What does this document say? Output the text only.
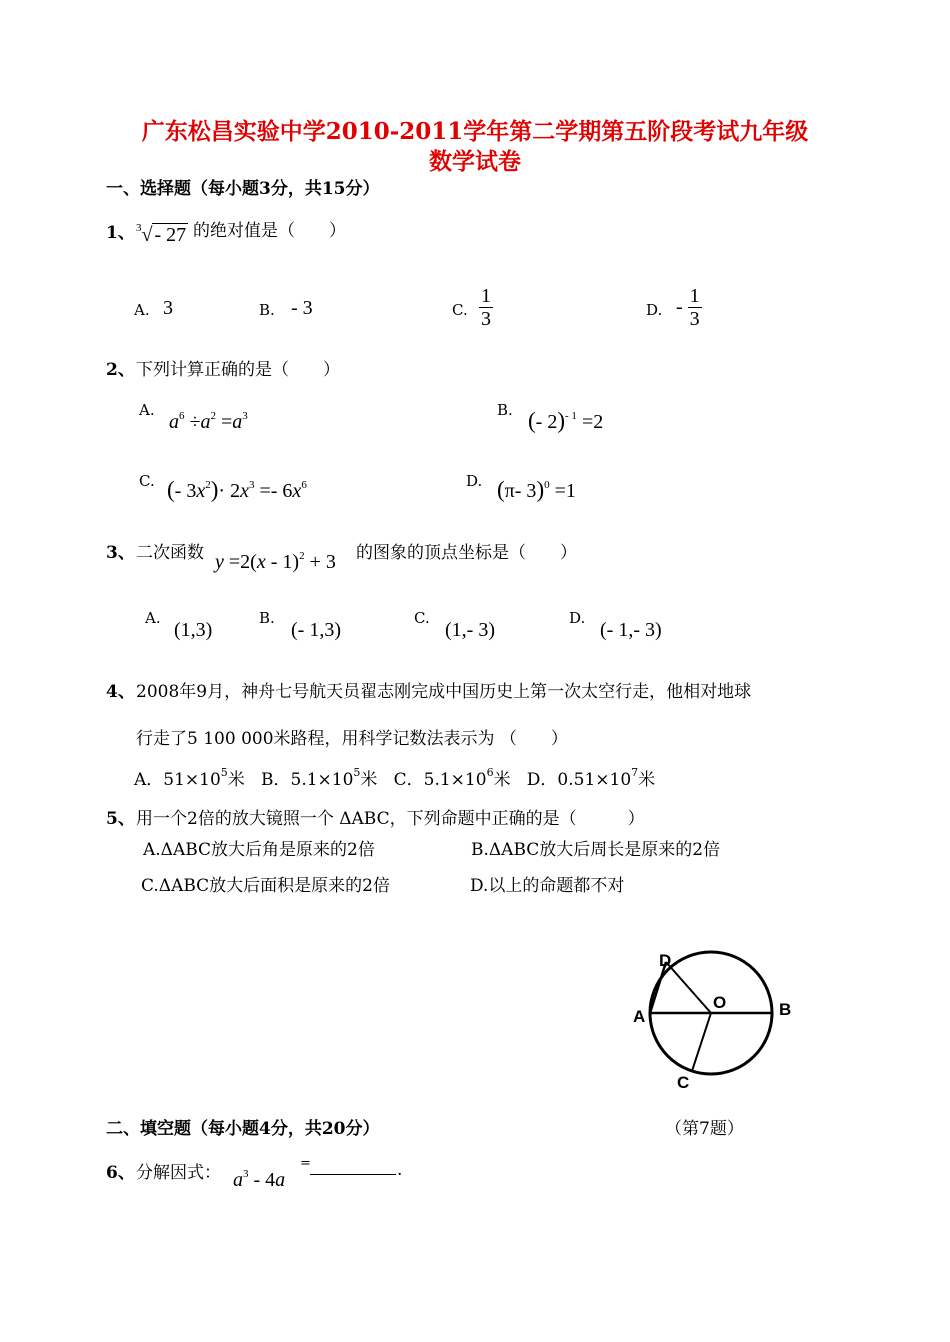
广东松昌实验中学2010-2011学年第二学期第五阶段考试九年级
数学试卷
一、选择题（每小题3分，共15分）
1、 $^3$√ - 27 的绝对值是（　　）
A. 3	B. - 3	C. $\frac{1}{3}$	D. - $\frac{1}{3}$
2、 下列计算正确的是（　　）
A.
$a^6 \div a^2 =a^3$	B. (- 2)$^{- 1}$ =2
C. (- $3x^2)\cdot 2x^3 =- 6x^6$	D. (π- 3)$^0$ =1
3、 二次函数 y =2(x - 1)$^2$ + 3 的图象的顶点坐标是（　　）
A.
(1,3)
B.
(- 1,3)
C.
(1,- 3)
D.
(- 1,- 3)
4、 2008年9月，神舟七号航天员翟志刚完成中国历史上第一次太空行走，他相对地球
行走了5 100 000米路程，用科学记数法表示为 （　　）
A．$51\times 10^5$米 B．$5.1\times 10^5$米 C．$5.1\times 10^6$米 D．$0.51\times 10^7$米
5、 用一个2倍的放大镜照一个 ΔABC，下列命题中正确的是（　　　）
A.ΔABC放大后角是原来的2倍	B.ΔABC放大后周长是原来的2倍
C.ΔABC放大后面积是原来的2倍	D.以上的命题都不对
D
A
O	B
C
（第7题）
二、填空题（每小题4分，共20分）
6、 分解因式： $a^3 - 4a$
=	.
